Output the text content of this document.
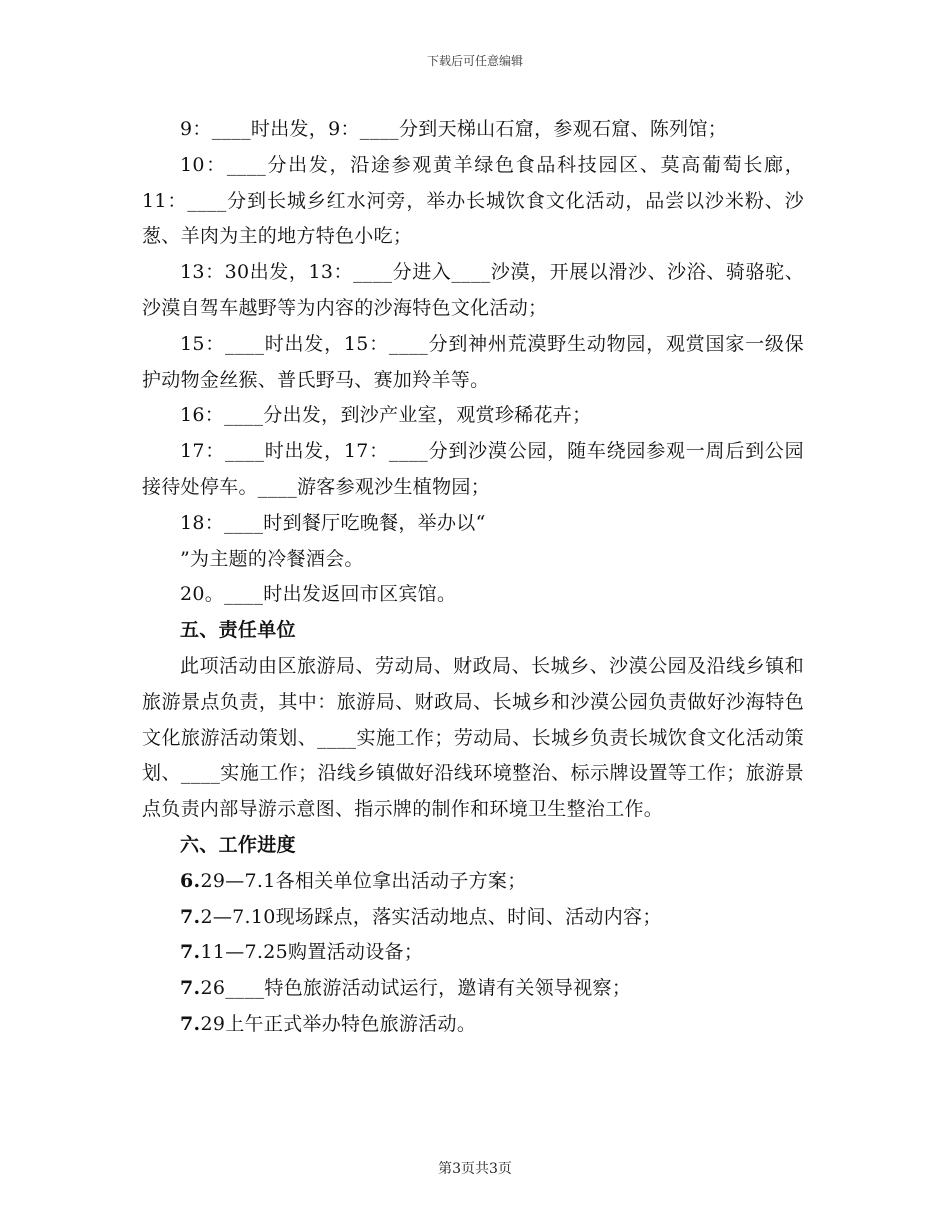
下载后可任意编辑

9：____时出发，9：____分到天梯山石窟，参观石窟、陈列馆；

10：____分出发，沿途参观黄羊绿色食品科技园区、莫高葡萄长廊，11：____分到长城乡红水河旁，举办长城饮食文化活动，品尝以沙米粉、沙葱、羊肉为主的地方特色小吃；

13：30出发，13：____分进入____沙漠，开展以滑沙、沙浴、骑骆驼、沙漠自驾车越野等为内容的沙海特色文化活动；

15：____时出发，15：____分到神州荒漠野生动物园，观赏国家一级保护动物金丝猴、普氏野马、赛加羚羊等。

16：____分出发，到沙产业室，观赏珍稀花卉；

17：____时出发，17：____分到沙漠公园，随车绕园参观一周后到公园接待处停车。____游客参观沙生植物园；

18：____时到餐厅吃晚餐，举办以“

”为主题的冷餐酒会。

20。____时出发返回市区宾馆。

五、责任单位

此项活动由区旅游局、劳动局、财政局、长城乡、沙漠公园及沿线乡镇和旅游景点负责，其中：旅游局、财政局、长城乡和沙漠公园负责做好沙海特色文化旅游活动策划、____实施工作；劳动局、长城乡负责长城饮食文化活动策划、____实施工作；沿线乡镇做好沿线环境整治、标示牌设置等工作；旅游景点负责内部导游示意图、指示牌的制作和环境卫生整治工作。

六、工作进度

6.29—7.1各相关单位拿出活动子方案；

7.2—7.10现场踩点，落实活动地点、时间、活动内容；

7.11—7.25购置活动设备；

7.26____特色旅游活动试运行，邀请有关领导视察；

7.29上午正式举办特色旅游活动。

第3页共3页
